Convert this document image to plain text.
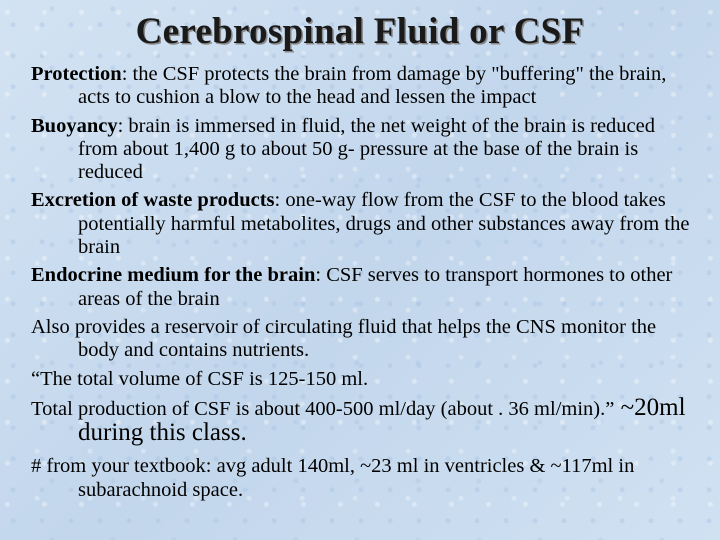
Cerebrospinal Fluid or CSF
Protection: the CSF protects the brain from damage by "buffering" the brain, acts to cushion a blow to the head and lessen the impact
Buoyancy: brain is immersed in fluid, the net weight of the brain is reduced from about 1,400 g to about 50 g- pressure at the base of the brain is reduced
Excretion of waste products: one-way flow from the CSF to the blood takes potentially harmful metabolites, drugs and other substances away from the brain
Endocrine medium for the brain: CSF serves to transport hormones to other areas of the brain
Also provides a reservoir of circulating fluid that helps the CNS monitor the body and contains nutrients.
“The total volume of CSF is 125-150 ml.
Total production of CSF is about 400-500 ml/day (about . 36 ml/min).” ~20ml during this class.
# from your textbook: avg adult 140ml, ~23 ml in ventricles & ~117ml in subarachnoid space.
